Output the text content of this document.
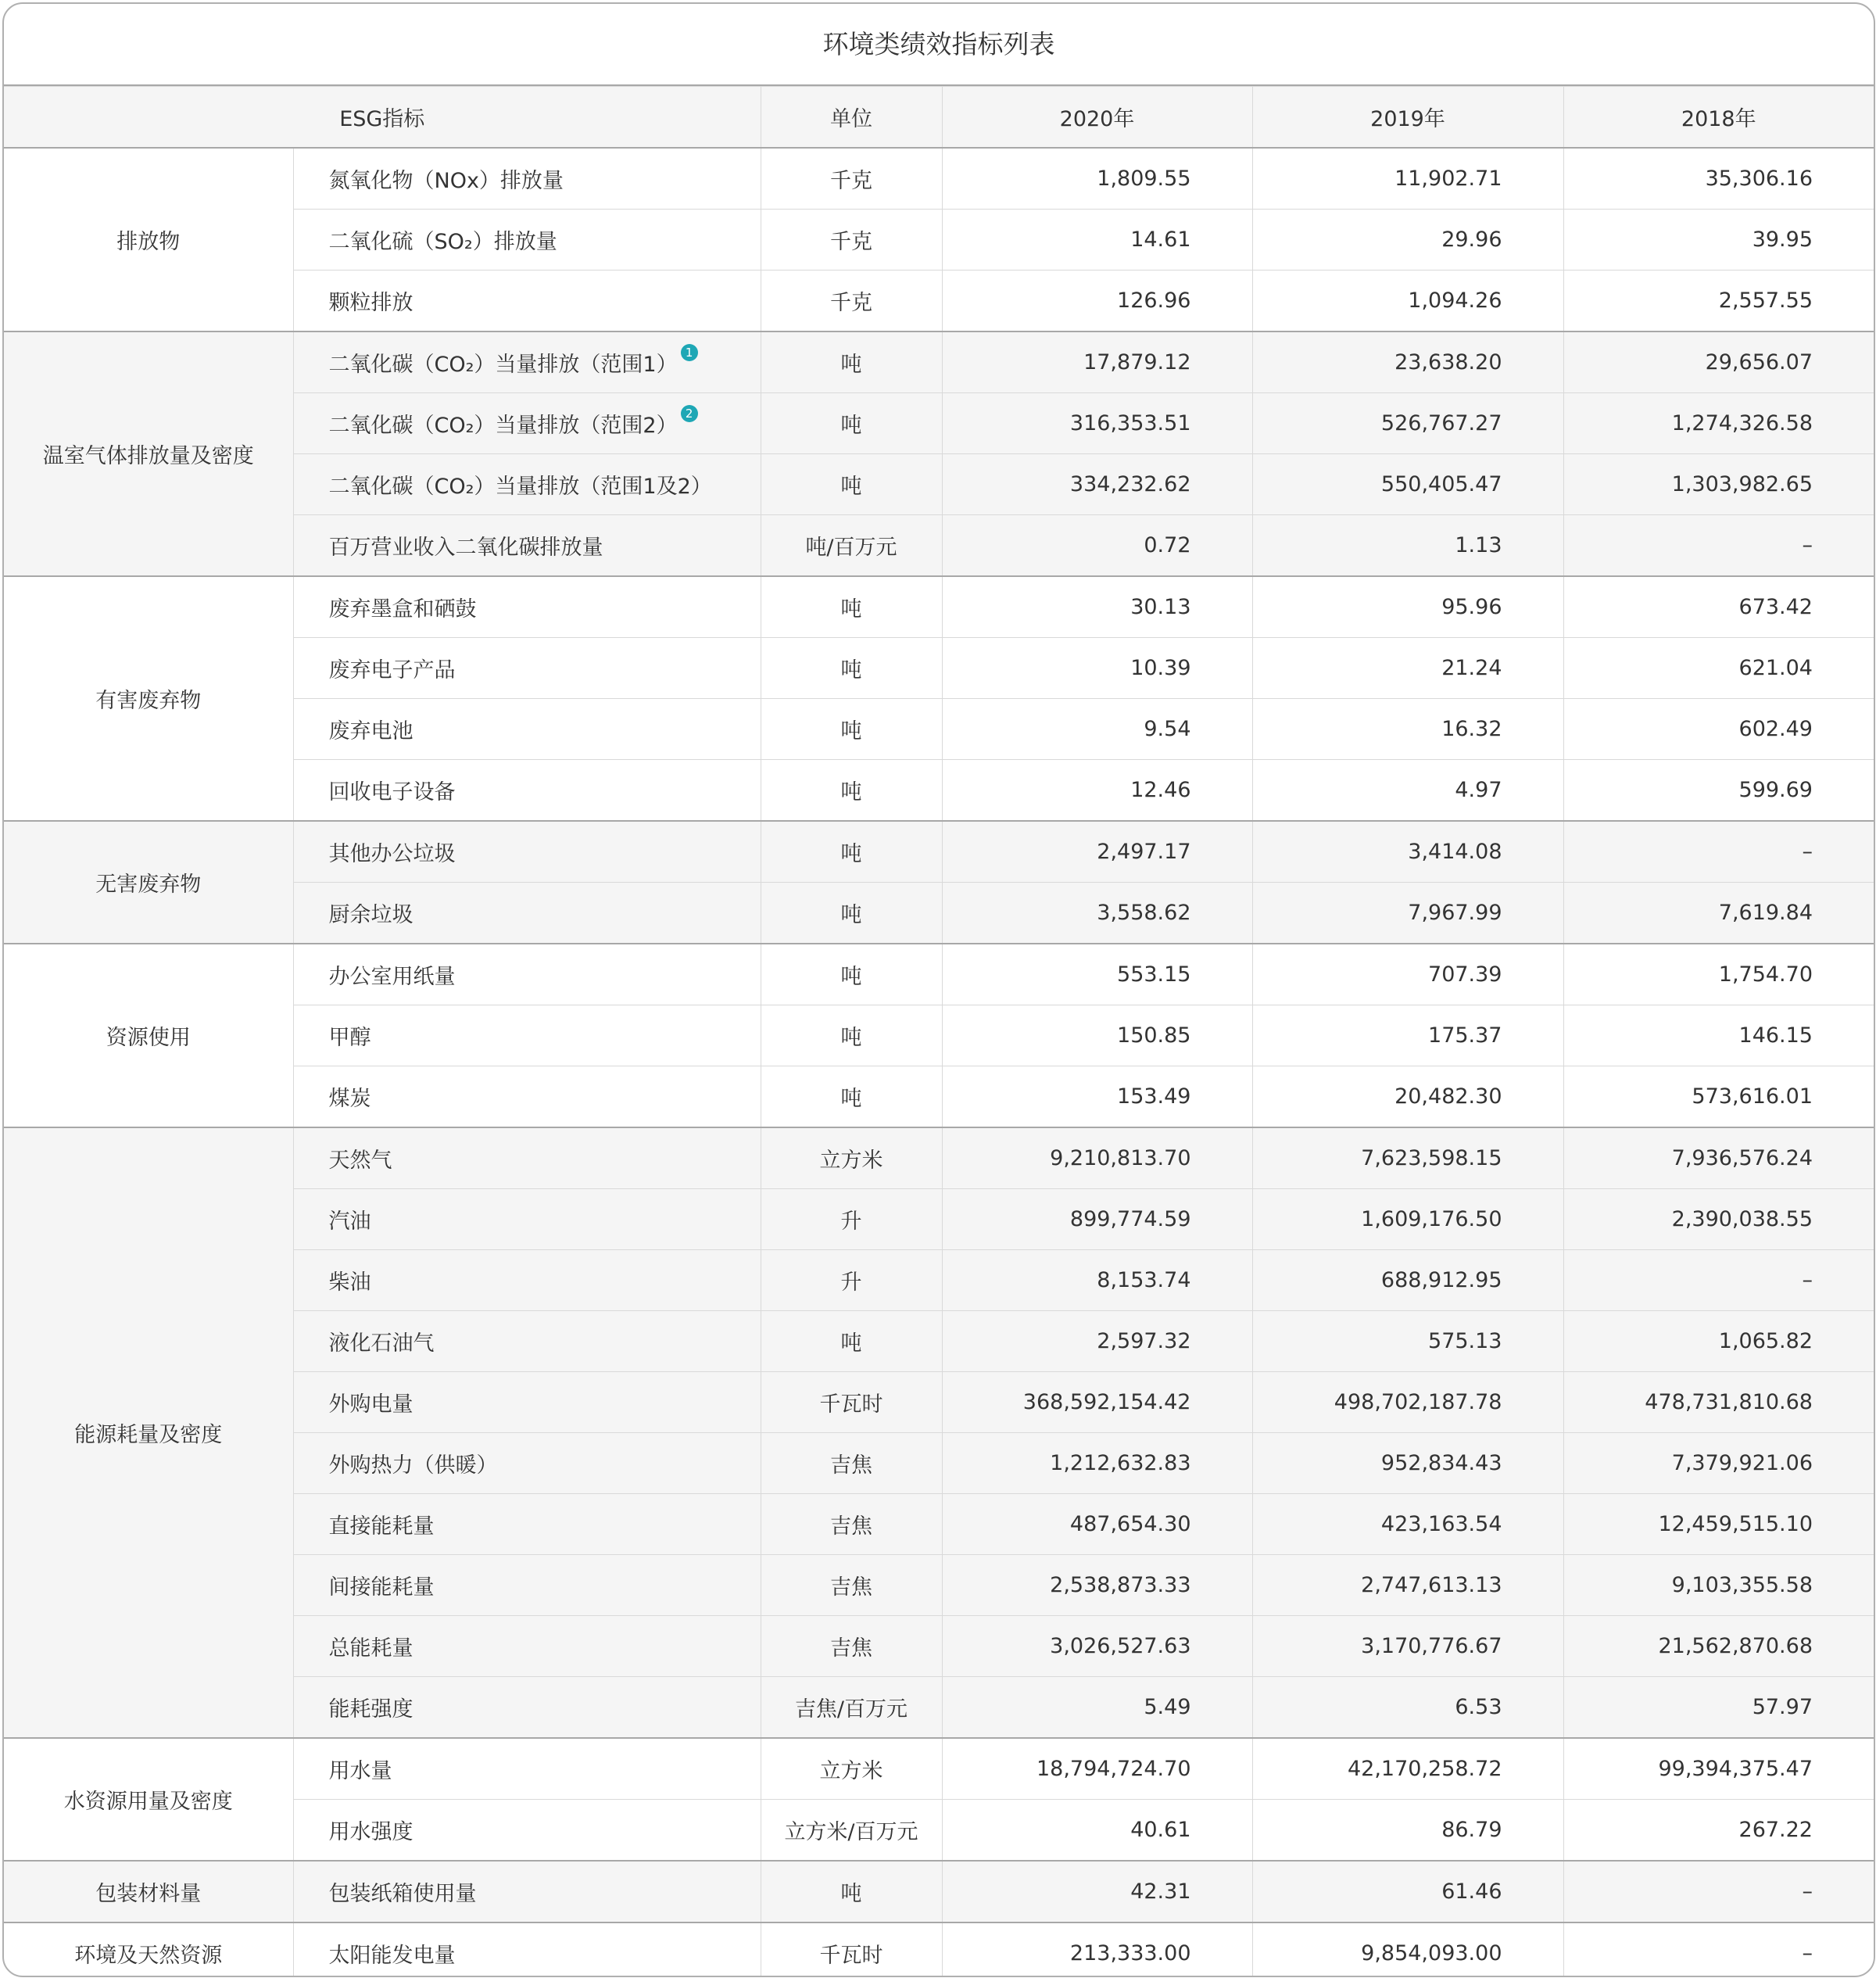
环境类绩效指标列表
ESG指标		单位	2020年	2019年	2018年
排放物	氮氧化物（NOx）排放量	千克	1,809.55	11,902.71	35,306.16
	二氧化硫（SO₂）排放量	千克	14.61	29.96	39.95
	颗粒排放	千克	126.96	1,094.26	2,557.55
温室气体排放量及密度	二氧化碳（CO₂）当量排放（范围1） 1	吨	17,879.12	23,638.20	29,656.07
	二氧化碳（CO₂）当量排放（范围2） 2	吨	316,353.51	526,767.27	1,274,326.58
	二氧化碳（CO₂）当量排放（范围1及2）	吨	334,232.62	550,405.47	1,303,982.65
	百万营业收入二氧化碳排放量	吨/百万元	0.72	1.13	–
有害废弃物	废弃墨盒和硒鼓	吨	30.13	95.96	673.42
	废弃电子产品	吨	10.39	21.24	621.04
	废弃电池	吨	9.54	16.32	602.49
	回收电子设备	吨	12.46	4.97	599.69
无害废弃物	其他办公垃圾	吨	2,497.17	3,414.08	–
	厨余垃圾	吨	3,558.62	7,967.99	7,619.84
资源使用	办公室用纸量	吨	553.15	707.39	1,754.70
	甲醇	吨	150.85	175.37	146.15
	煤炭	吨	153.49	20,482.30	573,616.01
能源耗量及密度	天然气	立方米	9,210,813.70	7,623,598.15	7,936,576.24
	汽油	升	899,774.59	1,609,176.50	2,390,038.55
	柴油	升	8,153.74	688,912.95	–
	液化石油气	吨	2,597.32	575.13	1,065.82
	外购电量	千瓦时	368,592,154.42	498,702,187.78	478,731,810.68
	外购热力（供暖）	吉焦	1,212,632.83	952,834.43	7,379,921.06
	直接能耗量	吉焦	487,654.30	423,163.54	12,459,515.10
	间接能耗量	吉焦	2,538,873.33	2,747,613.13	9,103,355.58
	总能耗量	吉焦	3,026,527.63	3,170,776.67	21,562,870.68
	能耗强度	吉焦/百万元	5.49	6.53	57.97
水资源用量及密度	用水量	立方米	18,794,724.70	42,170,258.72	99,394,375.47
	用水强度	立方米/百万元	40.61	86.79	267.22
包装材料量	包装纸箱使用量	吨	42.31	61.46	–
环境及天然资源	太阳能发电量	千瓦时	213,333.00	9,854,093.00	–
